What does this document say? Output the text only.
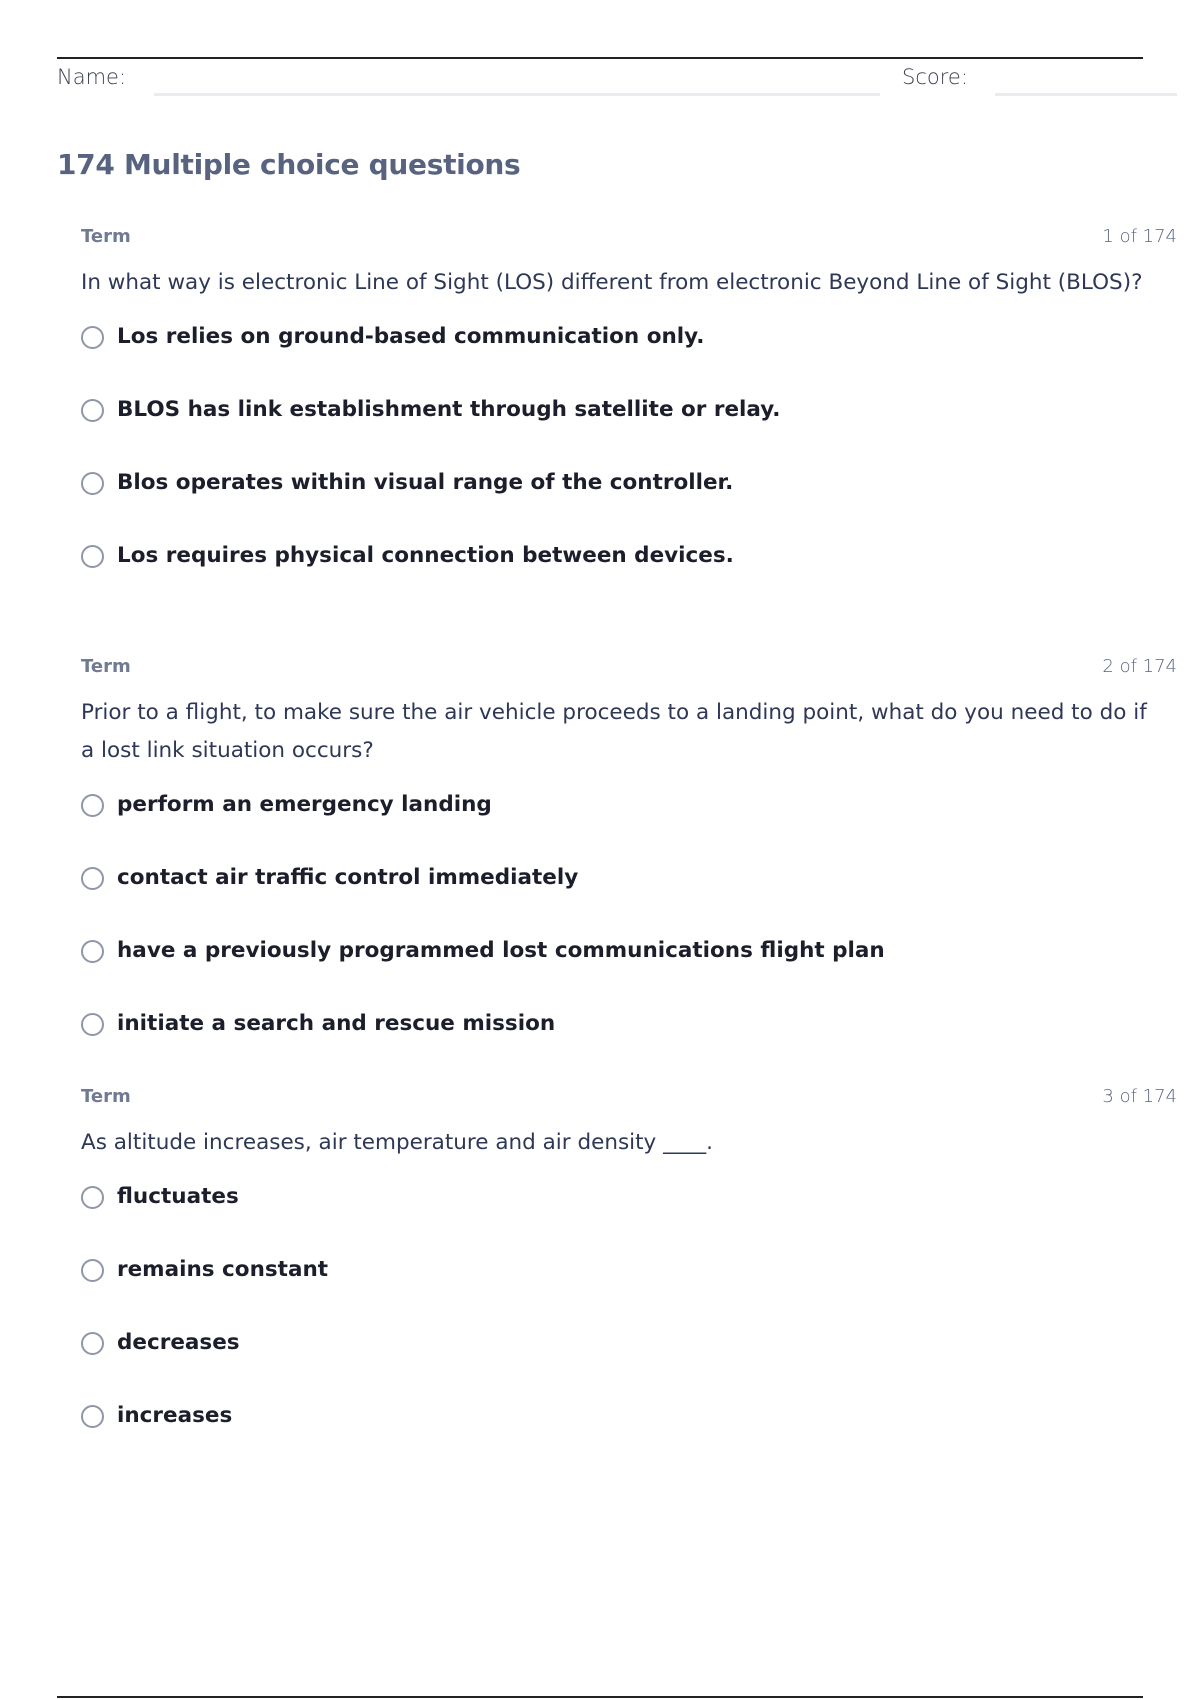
Name:	Score:
174 Multiple choice questions
Term	1 of 174

In what way is electronic Line of Sight (LOS) different from electronic Beyond Line of Sight (BLOS)?

Los relies on ground-based communication only.
BLOS has link establishment through satellite or relay.
Blos operates within visual range of the controller.
Los requires physical connection between devices.
Term	2 of 174

Prior to a flight, to make sure the air vehicle proceeds to a landing point, what do you need to do if a lost link situation occurs?

perform an emergency landing
contact air traffic control immediately
have a previously programmed lost communications flight plan
initiate a search and rescue mission
Term	3 of 174

As altitude increases, air temperature and air density ____.

fluctuates
remains constant
decreases
increases
